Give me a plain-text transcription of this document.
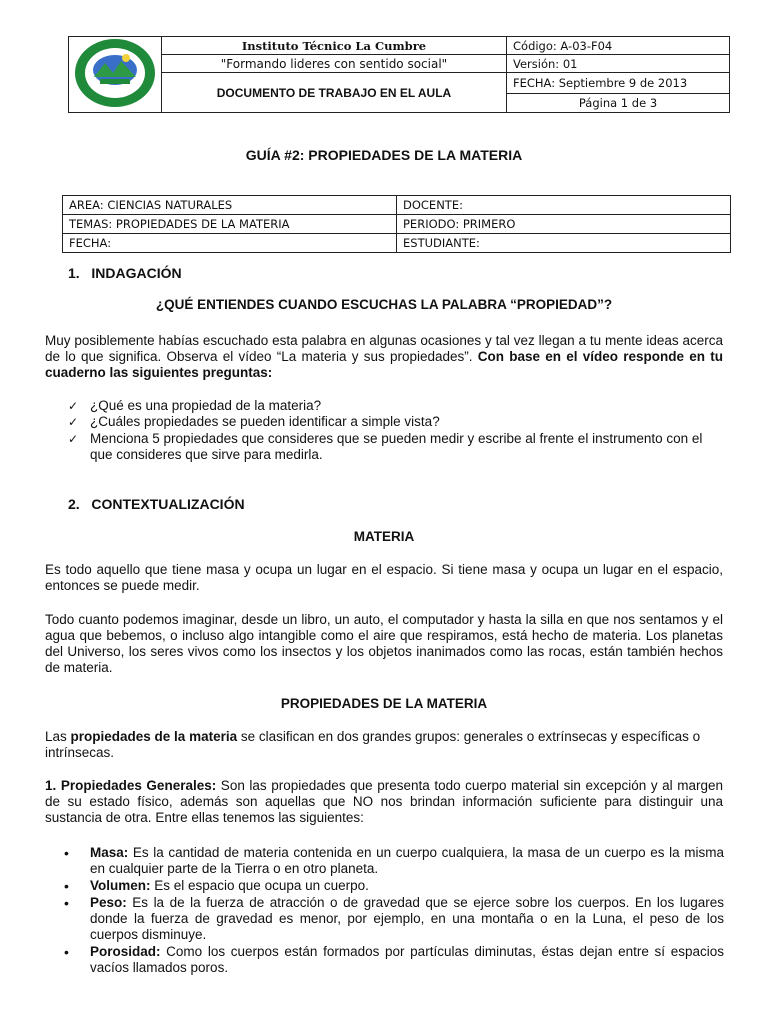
	Instituto Técnico La Cumbre	Código: A-03-F04
	"Formando lideres con sentido social"	Versión: 01
	DOCUMENTO DE TRABAJO EN EL AULA	FECHA: Septiembre 9 de 2013
		Página 1 de 3
GUÍA #2: PROPIEDADES DE LA MATERIA
AREA: CIENCIAS NATURALES	DOCENTE:
TEMAS: PROPIEDADES DE LA MATERIA	PERIODO: PRIMERO
FECHA:	ESTUDIANTE:
1. INDAGACIÓN
¿QUÉ ENTIENDES CUANDO ESCUCHAS LA PALABRA “PROPIEDAD”?
Muy posiblemente habías escuchado esta palabra en algunas ocasiones y tal vez llegan a tu mente ideas acerca de lo que significa. Observa el vídeo “La materia y sus propiedades”. Con base en el vídeo responde en tu cuaderno las siguientes preguntas:
✓ ¿Qué es una propiedad de la materia?
✓ ¿Cuáles propiedades se pueden identificar a simple vista?
✓ Menciona 5 propiedades que consideres que se pueden medir y escribe al frente el instrumento con el que consideres que sirve para medirla.
2. CONTEXTUALIZACIÓN
MATERIA
Es todo aquello que tiene masa y ocupa un lugar en el espacio. Si tiene masa y ocupa un lugar en el espacio, entonces se puede medir.
Todo cuanto podemos imaginar, desde un libro, un auto, el computador y hasta la silla en que nos sentamos y el agua que bebemos, o incluso algo intangible como el aire que respiramos, está hecho de materia. Los planetas del Universo, los seres vivos como los insectos y los objetos inanimados como las rocas, están también hechos de materia.
PROPIEDADES DE LA MATERIA
Las propiedades de la materia se clasifican en dos grandes grupos: generales o extrínsecas y específicas o intrínsecas.
1. Propiedades Generales: Son las propiedades que presenta todo cuerpo material sin excepción y al margen de su estado físico, además son aquellas que NO nos brindan información suficiente para distinguir una sustancia de otra. Entre ellas tenemos las siguientes:
• Masa: Es la cantidad de materia contenida en un cuerpo cualquiera, la masa de un cuerpo es la misma en cualquier parte de la Tierra o en otro planeta.
• Volumen: Es el espacio que ocupa un cuerpo.
• Peso: Es la de la fuerza de atracción o de gravedad que se ejerce sobre los cuerpos. En los lugares donde la fuerza de gravedad es menor, por ejemplo, en una montaña o en la Luna, el peso de los cuerpos disminuye.
• Porosidad: Como los cuerpos están formados por partículas diminutas, éstas dejan entre sí espacios vacíos llamados poros.
